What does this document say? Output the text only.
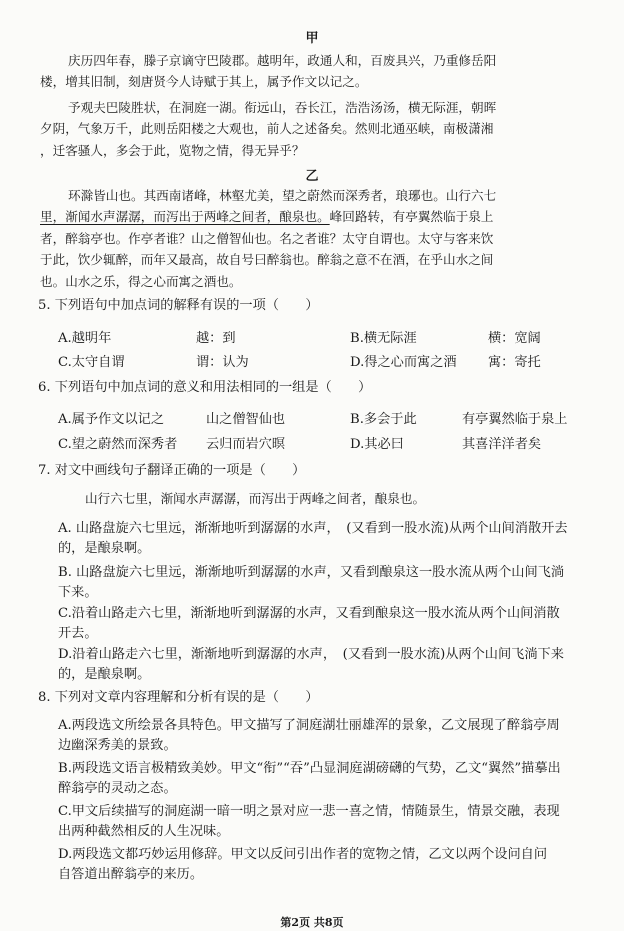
甲
庆历四年春，滕子京谪守巴陵郡。越明年，政通人和，百废具兴，乃重修岳阳
楼，增其旧制，刻唐贤今人诗赋于其上，属予作文以记之。
予观夫巴陵胜状，在洞庭一湖。衔远山，吞长江，浩浩汤汤，横无际涯，朝晖
夕阴，气象万千，此则岳阳楼之大观也，前人之述备矣。然则北通巫峡，南极潇湘
，迁客骚人，多会于此，览物之情，得无异乎？
乙
环滁皆山也。其西南诸峰，林壑尤美，望之蔚然而深秀者，琅琊也。山行六七
里，渐闻水声潺潺，而泻出于两峰之间者，酿泉也。峰回路转，有亭翼然临于泉上
者，醉翁亭也。作亭者谁？山之僧智仙也。名之者谁？太守自谓也。太守与客来饮
于此，饮少辄醉，而年又最高，故自号曰醉翁也。醉翁之意不在酒，在乎山水之间
也。山水之乐，得之心而寓之酒也。
5. 下列语句中加点词的解释有误的一项（　　）
A.越明年	越：到	B.横无际涯	横：宽阔
C.太守自谓	谓：认为	D.得之心而寓之酒	寓：寄托
6. 下列语句中加点词的意义和用法相同的一组是（　　）
A.属予作文以记之	山之僧智仙也	B.多会于此	有亭翼然临于泉上
C.望之蔚然而深秀者	云归而岩穴暝	D.其必曰	其喜洋洋者矣
7. 对文中画线句子翻译正确的一项是（　　）
山行六七里，渐闻水声潺潺，而泻出于两峰之间者，酿泉也。
A. 山路盘旋六七里远，渐渐地听到潺潺的水声，　(又看到一股水流)从两个山间消散开去
的，是酿泉啊。
B. 山路盘旋六七里远，渐渐地听到潺潺的水声，又看到酿泉这一股水流从两个山间飞淌
下来。
C.沿着山路走六七里，渐渐地听到潺潺的水声，又看到酿泉这一股水流从两个山间消散
开去。
D.沿着山路走六七里，渐渐地听到潺潺的水声，　(又看到一股水流)从两个山间飞淌下来
的，是酿泉啊。
8. 下列对文章内容理解和分析有误的是（　　）
A.两段选文所绘景各具特色。甲文描写了洞庭湖壮丽雄浑的景象，乙文展现了醉翁亭周
边幽深秀美的景致。
B.两段选文语言极精致美妙。甲文“衔”“吞”凸显洞庭湖磅礴的气势，乙文“翼然”描摹出
醉翁亭的灵动之态。
C.甲文后续描写的洞庭湖一暗一明之景对应一悲一喜之情，情随景生，情景交融，表现
出两种截然相反的人生况味。
D.两段选文都巧妙运用修辞。甲文以反问引出作者的宽物之情，乙文以两个设问自问
自答道出醉翁亭的来历。
第2页 共8页
